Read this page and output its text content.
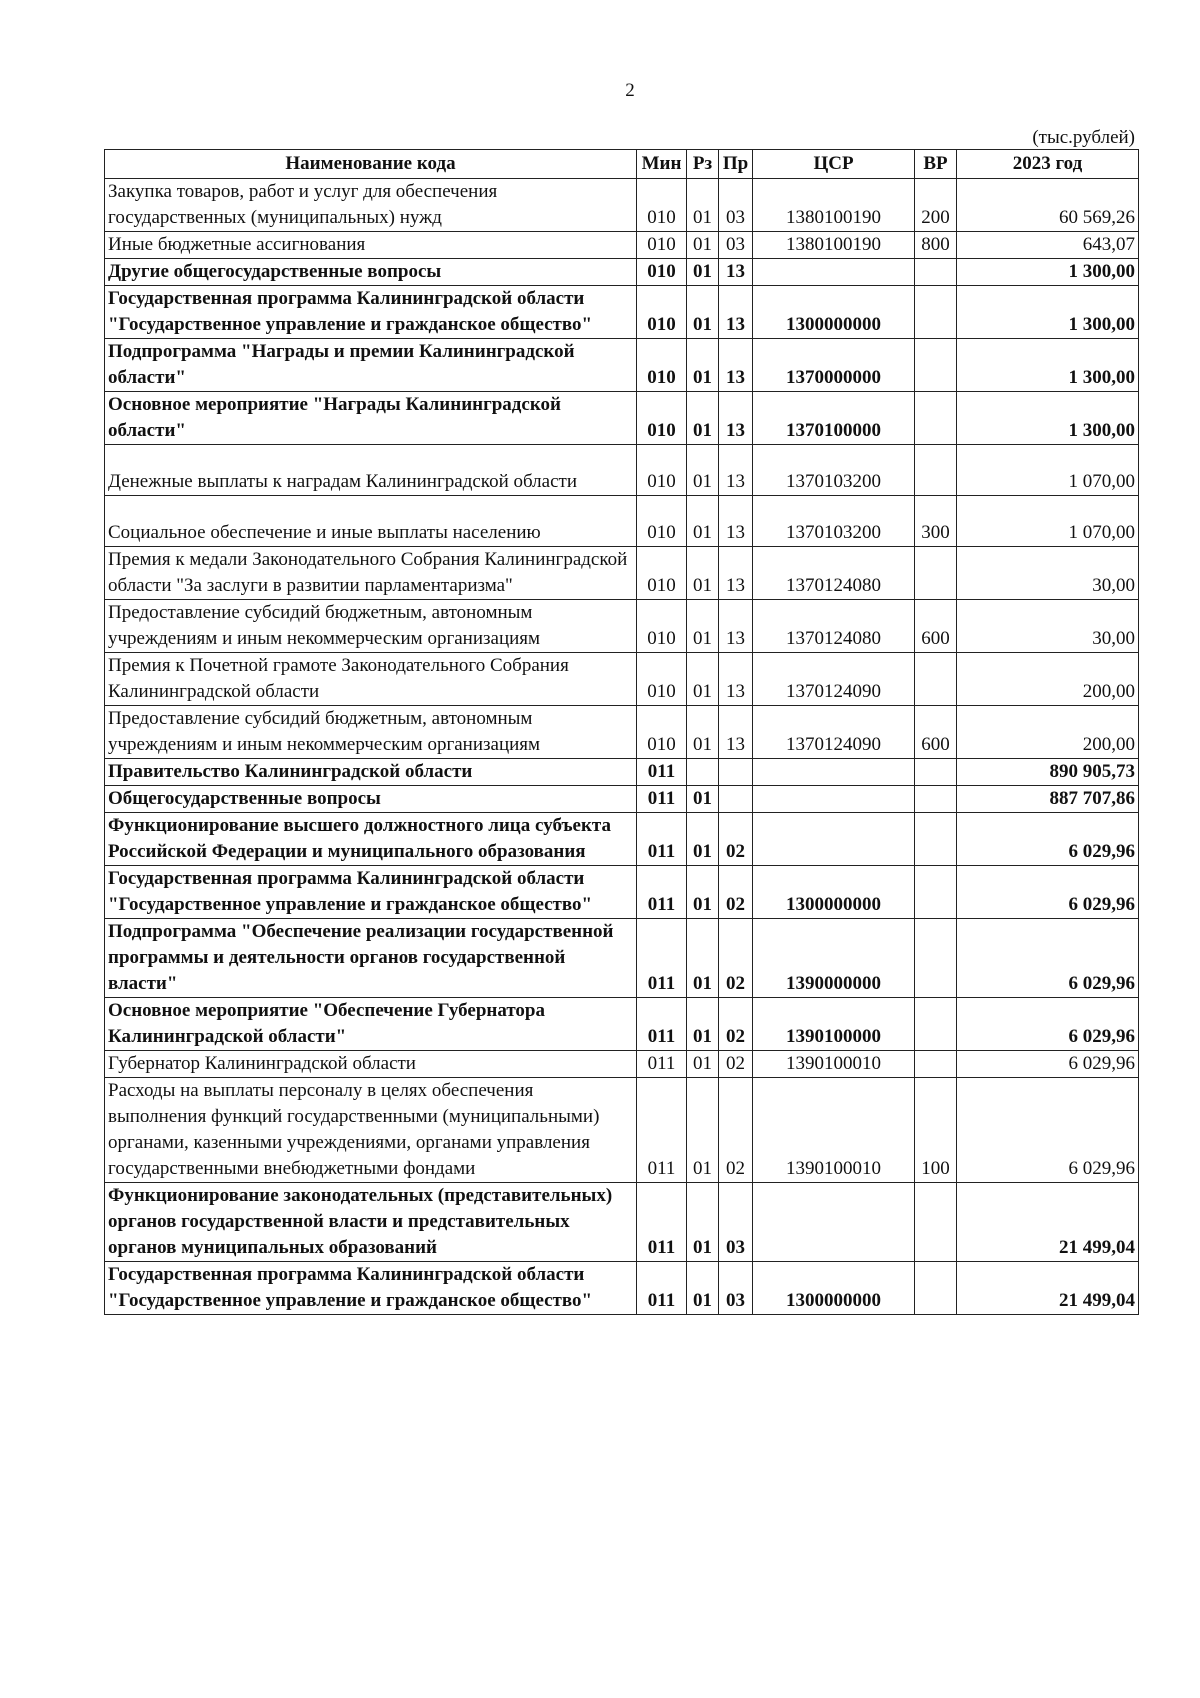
2
(тыс.рублей)
Наименование кода	Мин	Рз	Пр	ЦСР	ВР	2023 год
Закупка товаров, работ и услуг для обеспечения государственных (муниципальных) нужд	010	01	03	1380100190	200	60 569,26
Иные бюджетные ассигнования	010	01	03	1380100190	800	643,07
Другие общегосударственные вопросы	010	01	13			1 300,00
Государственная программа Калининградской области "Государственное управление и гражданское общество"	010	01	13	1300000000		1 300,00
Подпрограмма "Награды и премии Калининградской области"	010	01	13	1370000000		1 300,00
Основное мероприятие "Награды Калининградской области"	010	01	13	1370100000		1 300,00
Денежные выплаты к наградам Калининградской области	010	01	13	1370103200		1 070,00
Социальное обеспечение и иные выплаты населению	010	01	13	1370103200	300	1 070,00
Премия к медали Законодательного Собрания Калининградской области "За заслуги в развитии парламентаризма"	010	01	13	1370124080		30,00
Предоставление субсидий бюджетным, автономным учреждениям и иным некоммерческим организациям	010	01	13	1370124080	600	30,00
Премия к Почетной грамоте Законодательного Собрания Калининградской области	010	01	13	1370124090		200,00
Предоставление субсидий бюджетным, автономным учреждениям и иным некоммерческим организациям	010	01	13	1370124090	600	200,00
Правительство Калининградской области	011					890 905,73
Общегосударственные вопросы	011	01				887 707,86
Функционирование высшего должностного лица субъекта Российской Федерации и муниципального образования	011	01	02			6 029,96
Государственная программа Калининградской области "Государственное управление и гражданское общество"	011	01	02	1300000000		6 029,96
Подпрограмма "Обеспечение реализации государственной программы и деятельности органов государственной власти"	011	01	02	1390000000		6 029,96
Основное мероприятие "Обеспечение Губернатора Калининградской области"	011	01	02	1390100000		6 029,96
Губернатор Калининградской области	011	01	02	1390100010		6 029,96
Расходы на выплаты персоналу в целях обеспечения выполнения функций государственными (муниципальными) органами, казенными учреждениями, органами управления государственными внебюджетными фондами	011	01	02	1390100010	100	6 029,96
Функционирование законодательных (представительных) органов государственной власти и представительных органов муниципальных образований	011	01	03			21 499,04
Государственная программа Калининградской области "Государственное управление и гражданское общество"	011	01	03	1300000000		21 499,04
